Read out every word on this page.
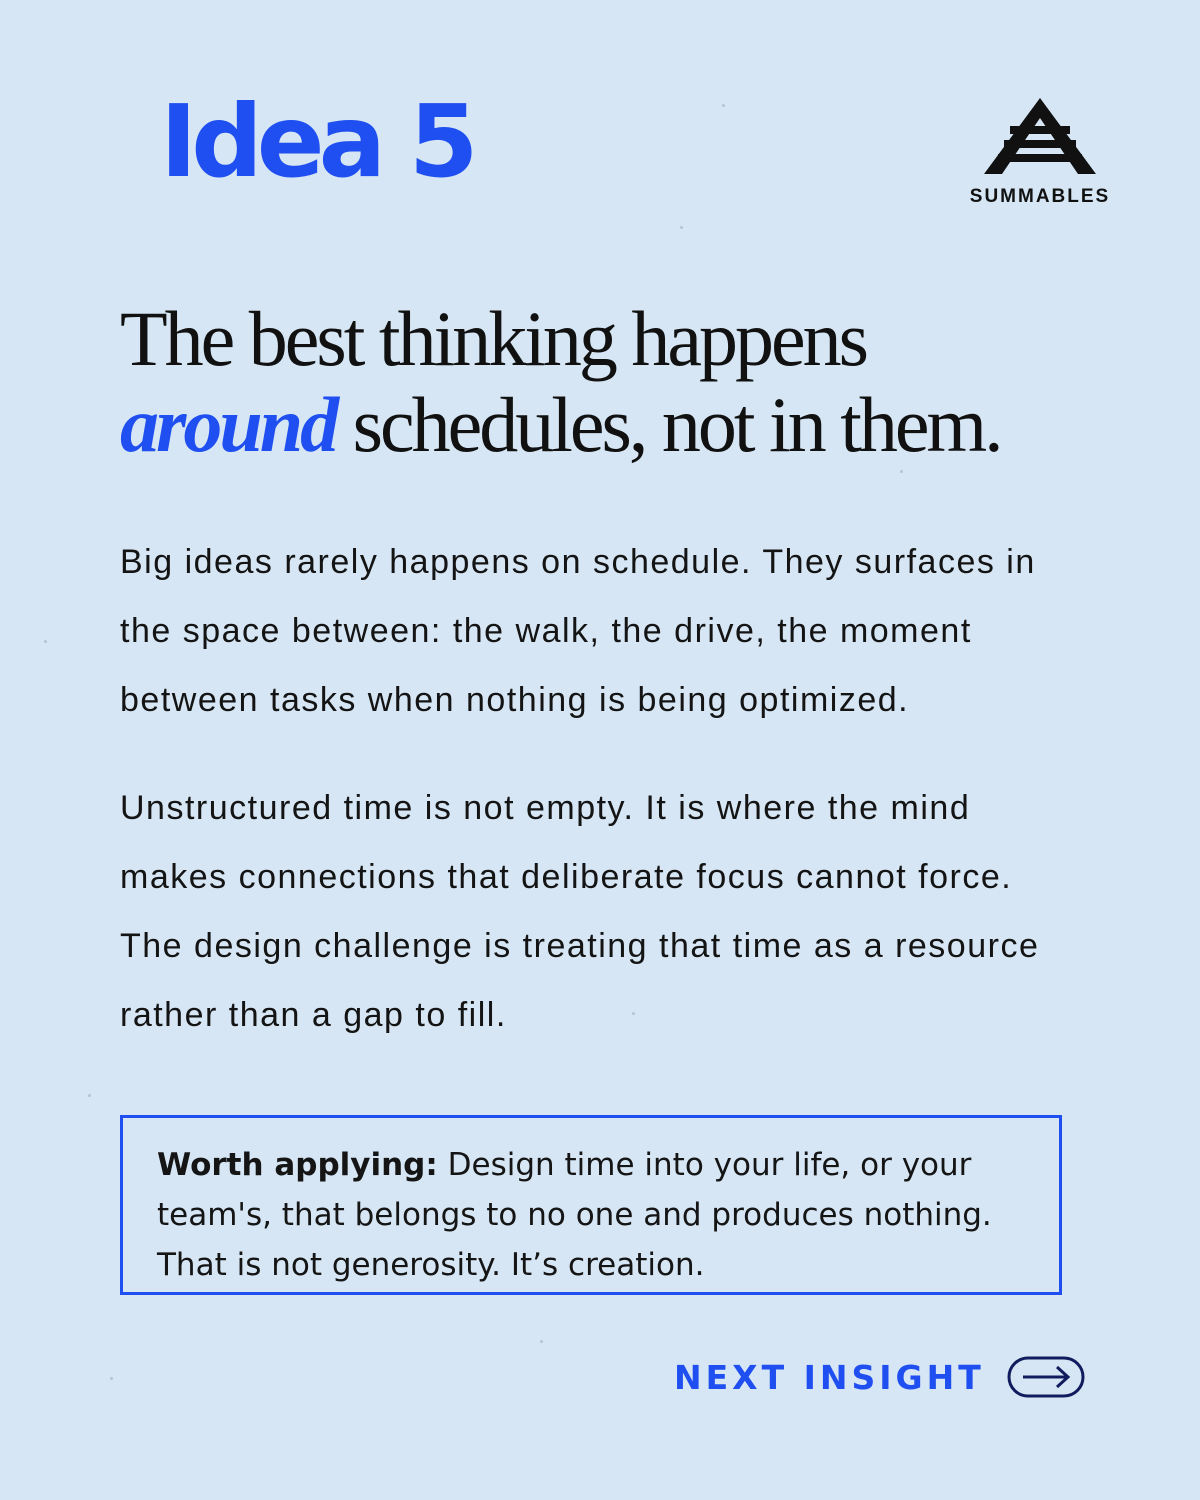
Idea 5	SUMMABLES
The best thinking happens
around schedules, not in them.

Big ideas rarely happens on schedule. They surfaces in the space between: the walk, the drive, the moment between tasks when nothing is being optimized.

Unstructured time is not empty. It is where the mind makes connections that deliberate focus cannot force. The design challenge is treating that time as a resource rather than a gap to fill.

Worth applying: Design time into your life, or your team's, that belongs to no one and produces nothing. That is not generosity. It’s creation.
NEXT INSIGHT
